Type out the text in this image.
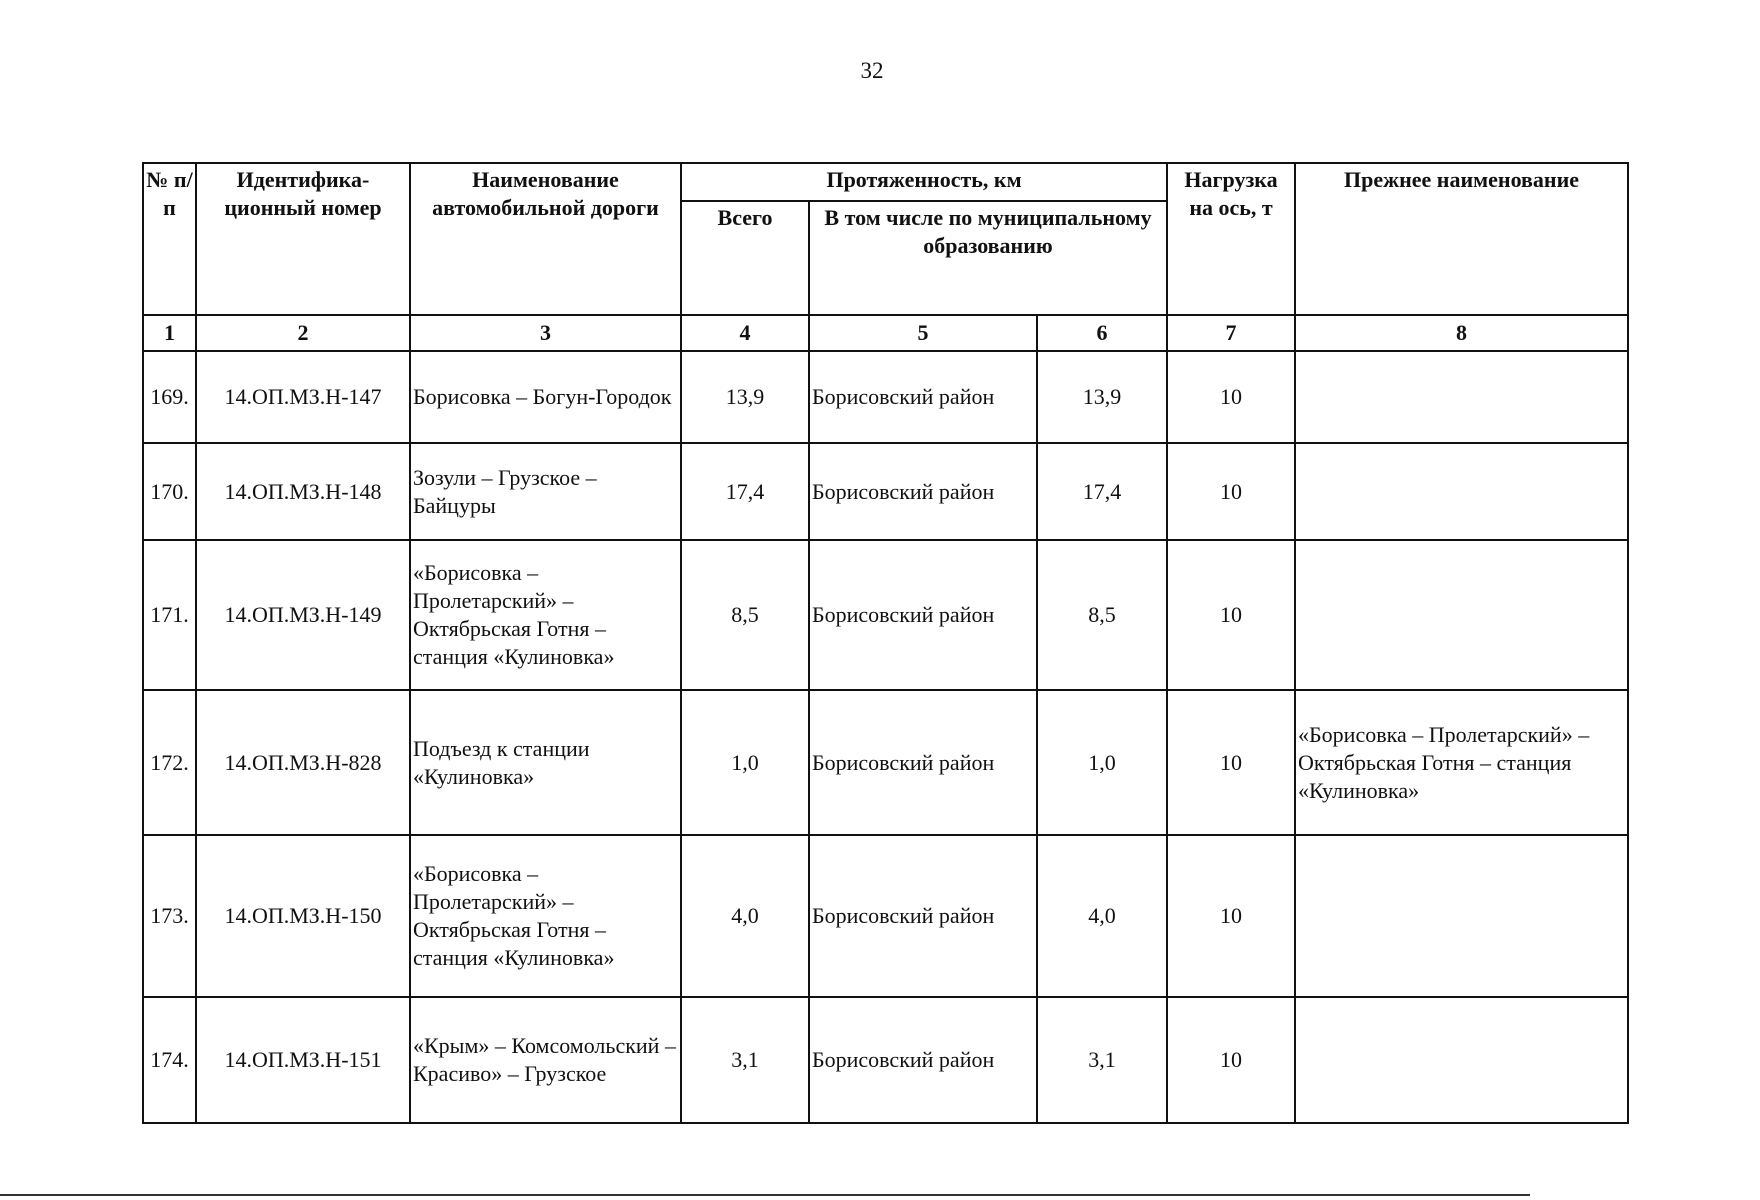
32
№ п/п	Идентифика-ционный номер	Наименование автомобильной дороги	Протяженность, км			Нагрузка на ось, т	Прежнее наименование
			Всего	В том числе по муниципальному образованию			
1	2	3	4	5	6	7	8
169.	14.ОП.МЗ.Н-147	Борисовка – Богун-Городок	13,9	Борисовский район	13,9	10	
170.	14.ОП.МЗ.Н-148	Зозули – Грузское – Байцуры	17,4	Борисовский район	17,4	10	
171.	14.ОП.МЗ.Н-149	«Борисовка – Пролетарский» – Октябрьская Готня – станция «Кулиновка»	8,5	Борисовский район	8,5	10	
172.	14.ОП.МЗ.Н-828	Подъезд к станции «Кулиновка»	1,0	Борисовский район	1,0	10	«Борисовка – Пролетарский» – Октябрьская Готня – станция «Кулиновка»
173.	14.ОП.МЗ.Н-150	«Борисовка – Пролетарский» – Октябрьская Готня – станция «Кулиновка»	4,0	Борисовский район	4,0	10	
174.	14.ОП.МЗ.Н-151	«Крым» – Комсомольский – Красиво» – Грузское	3,1	Борисовский район	3,1	10	
